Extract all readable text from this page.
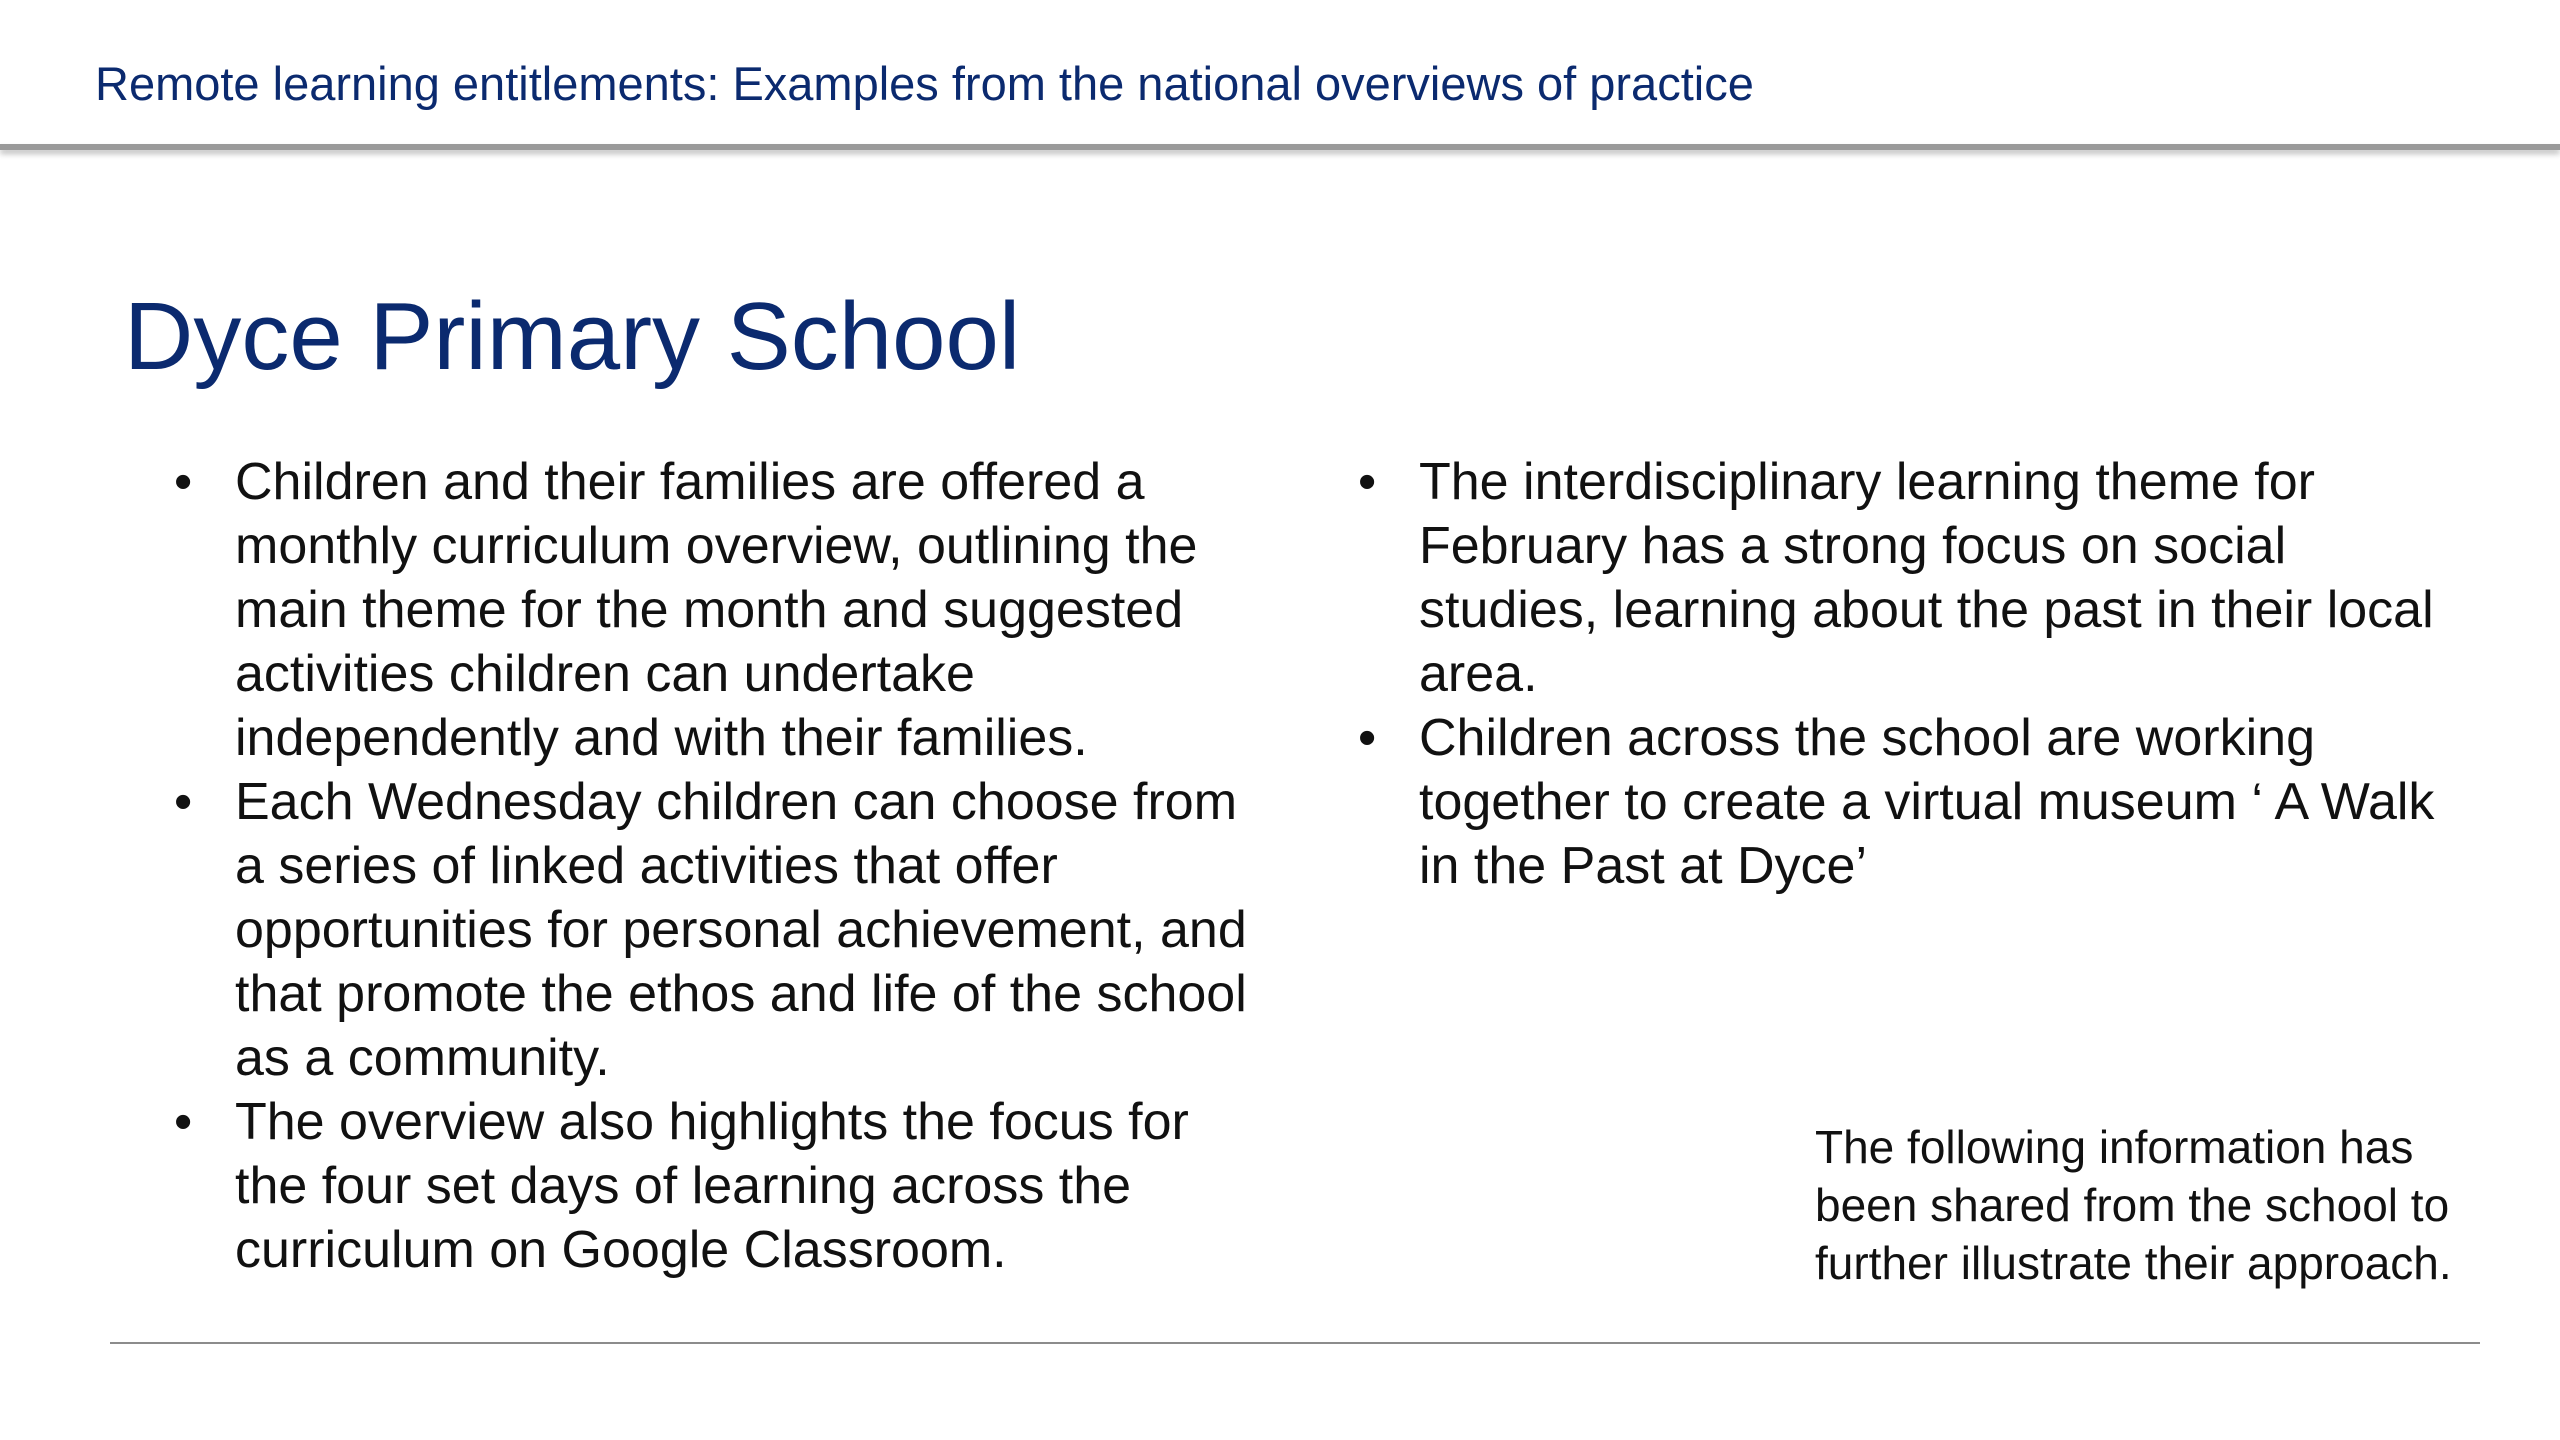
Remote learning entitlements: Examples from the national overviews of practice
Dyce Primary School
• Children and their families are offered a monthly curriculum overview, outlining the main theme for the month and suggested activities children can undertake independently and with their families.
• Each Wednesday children can choose from a series of linked activities that offer opportunities for personal achievement, and that promote the ethos and life of the school as a community.
• The overview also highlights the focus for the four set days of learning across the curriculum on Google Classroom.
• The interdisciplinary learning theme for February has a strong focus on social studies, learning about the past in their local area.
• Children across the school are working together to create a virtual museum ‘ A Walk in the Past at Dyce’
The following information has been shared from the school to further illustrate their approach.
